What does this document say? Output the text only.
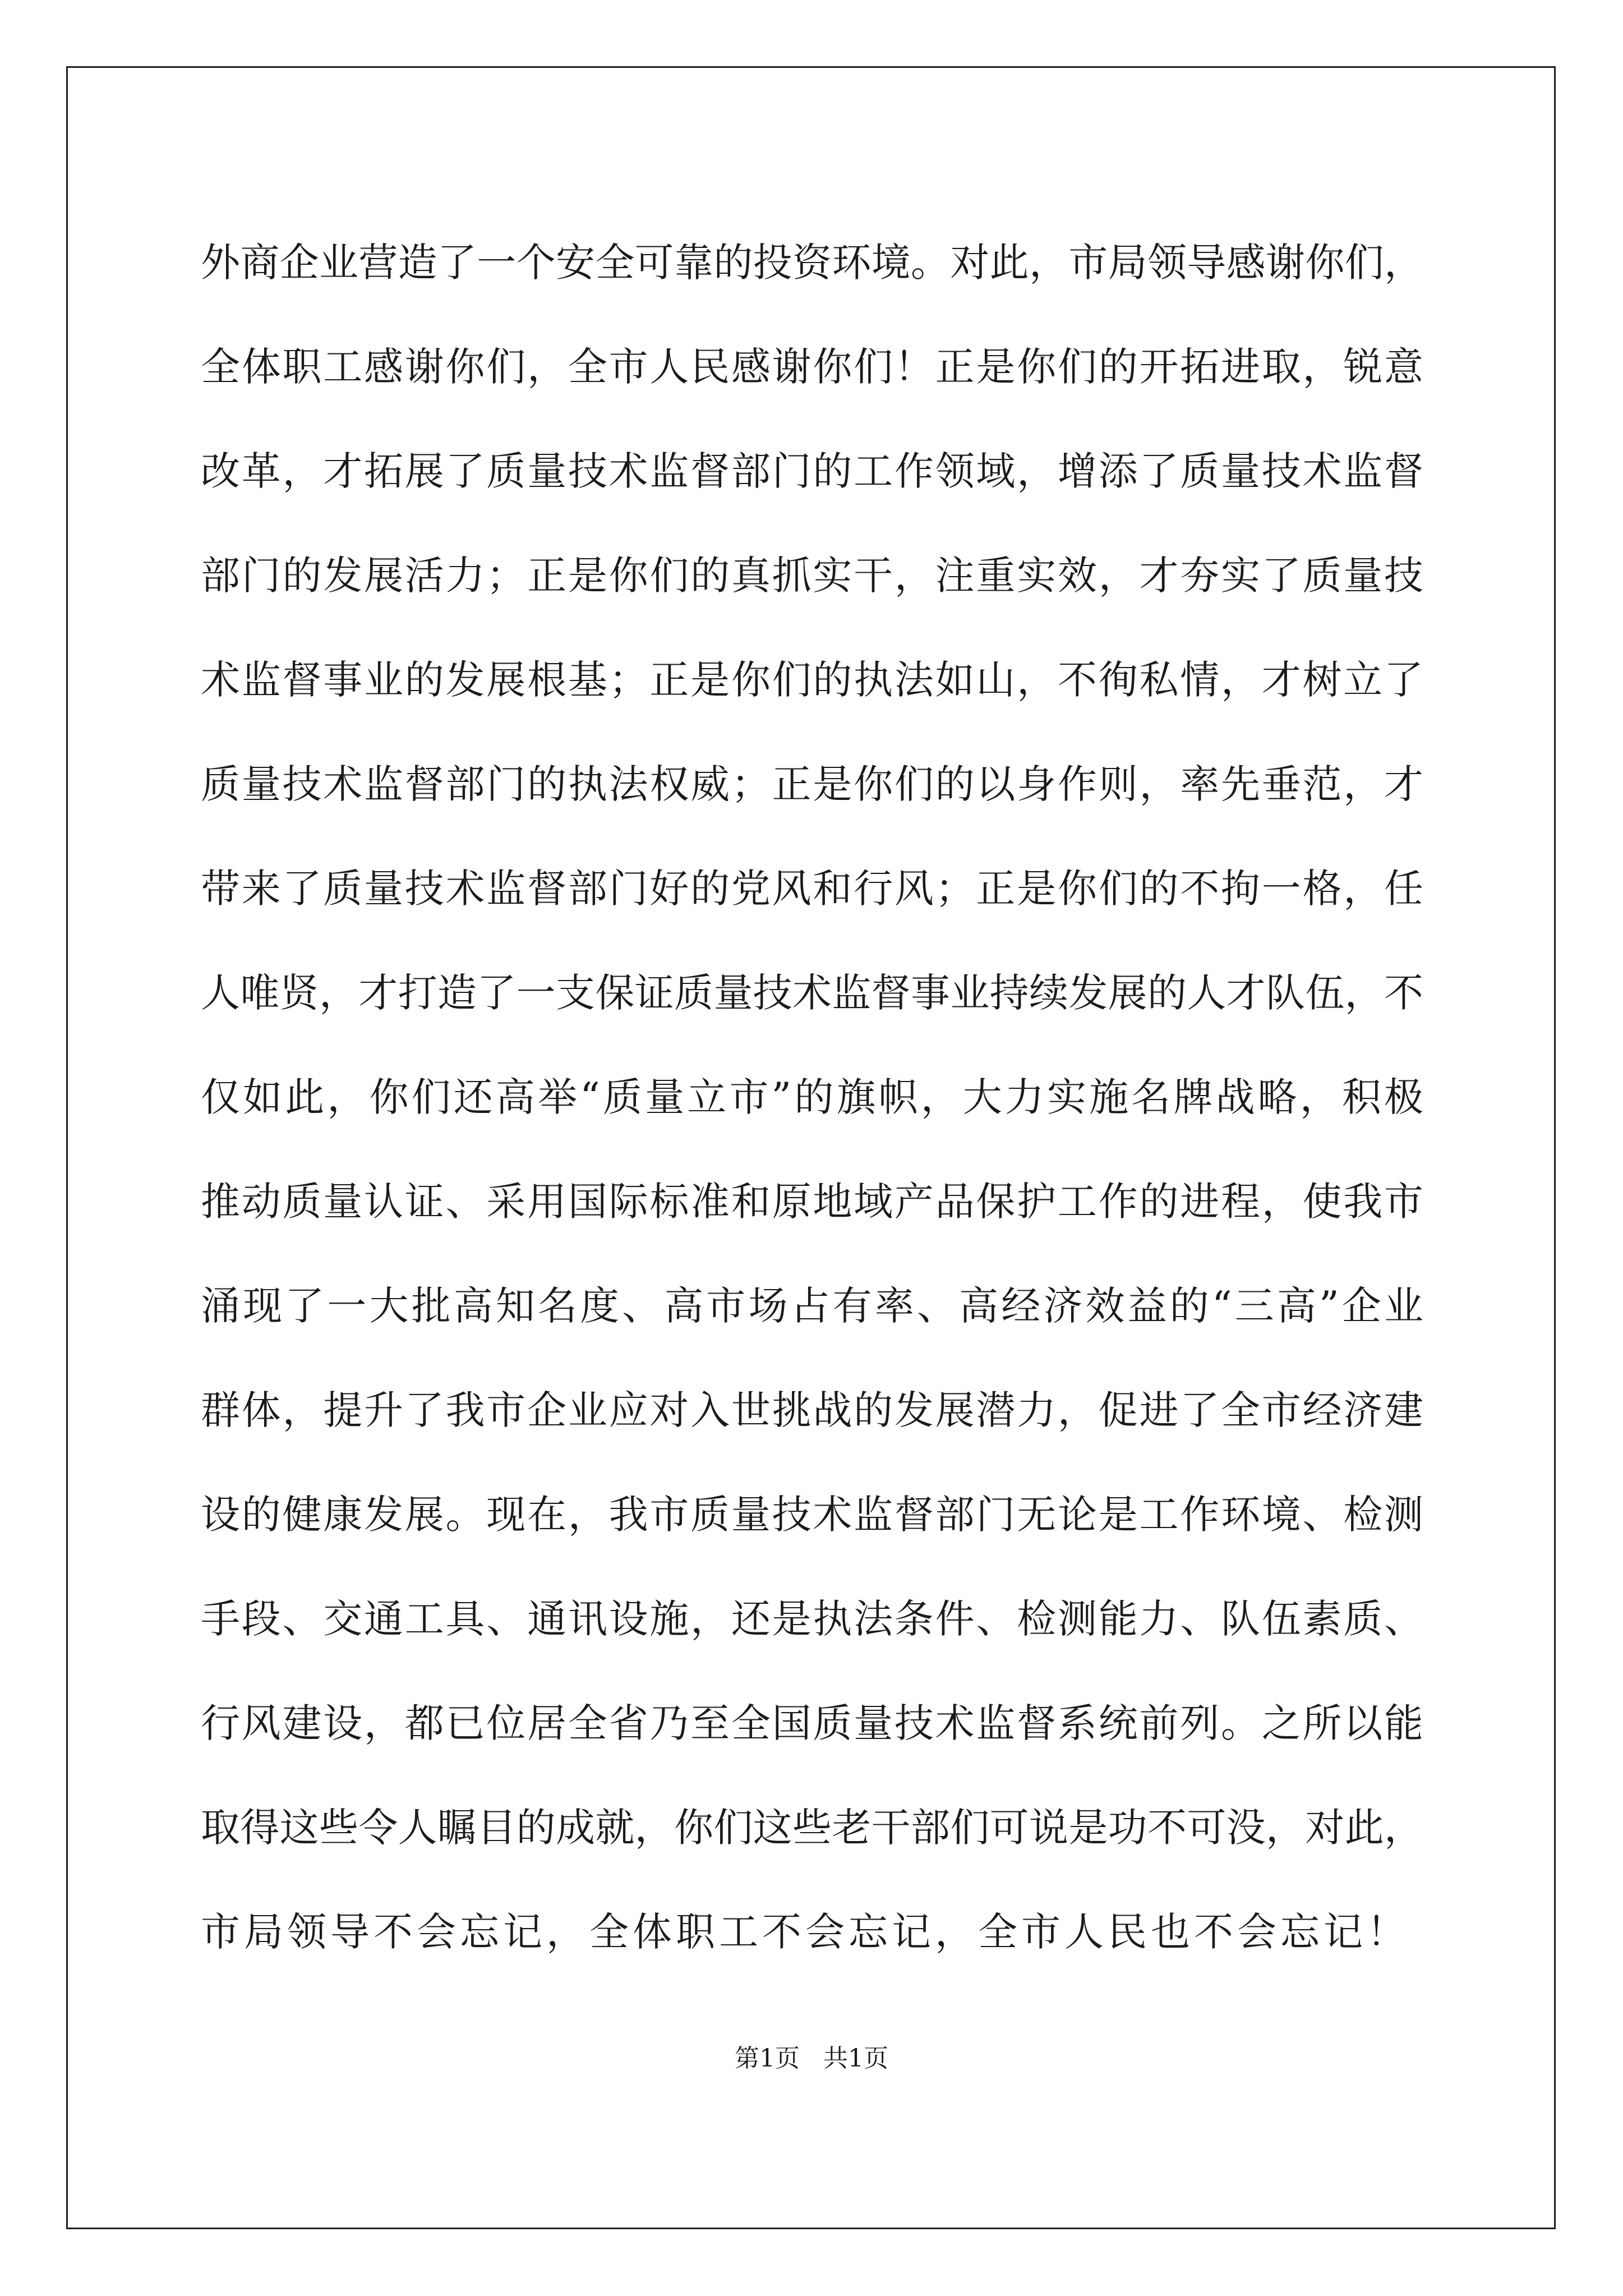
外商企业营造了一个安全可靠的投资环境。对此，市局领导感谢你们，
全体职工感谢你们，全市人民感谢你们！正是你们的开拓进取，锐意
改革，才拓展了质量技术监督部门的工作领域，增添了质量技术监督
部门的发展活力；正是你们的真抓实干，注重实效，才夯实了质量技
术监督事业的发展根基；正是你们的执法如山，不徇私情，才树立了
质量技术监督部门的执法权威；正是你们的以身作则，率先垂范，才
带来了质量技术监督部门好的党风和行风；正是你们的不拘一格，任
人唯贤，才打造了一支保证质量技术监督事业持续发展的人才队伍，不
仅如此，你们还高举“质量立市”的旗帜，大力实施名牌战略，积极
推动质量认证、采用国际标准和原地域产品保护工作的进程，使我市
涌现了一大批高知名度、高市场占有率、高经济效益的“三高”企业
群体，提升了我市企业应对入世挑战的发展潜力，促进了全市经济建
设的健康发展。现在，我市质量技术监督部门无论是工作环境、检测
手段、交通工具、通讯设施，还是执法条件、检测能力、队伍素质、
行风建设，都已位居全省乃至全国质量技术监督系统前列。之所以能
取得这些令人瞩目的成就，你们这些老干部们可说是功不可没，对此，
市局领导不会忘记，全体职工不会忘记，全市人民也不会忘记！
第1页 共1页
